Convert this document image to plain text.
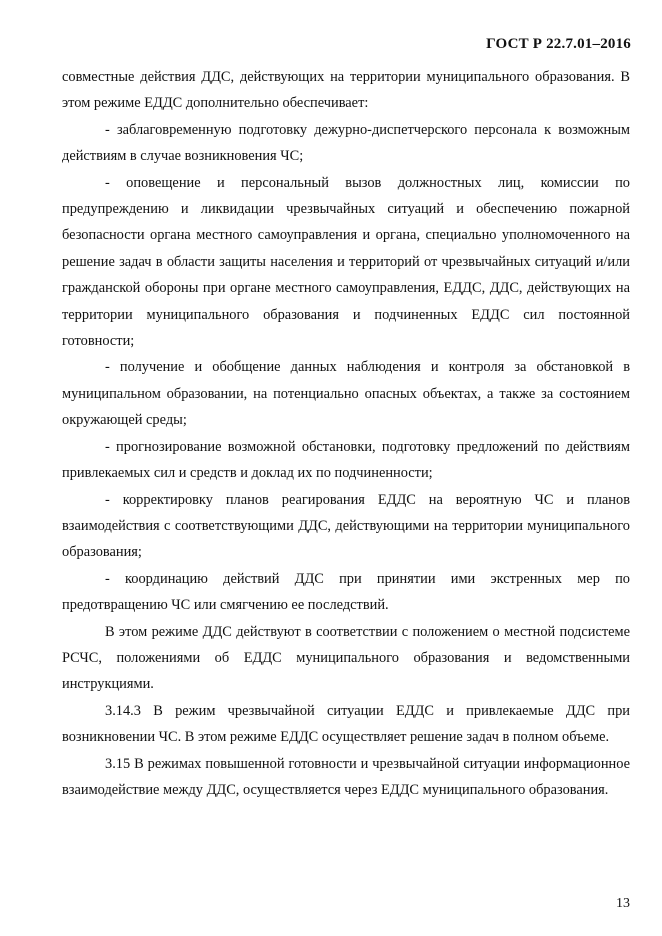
ГОСТ Р 22.7.01–2016

совместные действия ДДС, действующих на территории муниципального образования. В этом режиме ЕДДС дополнительно обеспечивает:

- заблаговременную подготовку дежурно-диспетчерского персонала к возможным действиям в случае возникновения ЧС;

- оповещение и персональный вызов должностных лиц, комиссии по предупреждению и ликвидации чрезвычайных ситуаций и обеспечению пожарной безопасности органа местного самоуправления и органа, специально уполномоченного на решение задач в области защиты населения и территорий от чрезвычайных ситуаций и/или гражданской обороны при органе местного самоуправления, ЕДДС, ДДС, действующих на территории муниципального образования и подчиненных ЕДДС сил постоянной готовности;

- получение и обобщение данных наблюдения и контроля за обстановкой в муниципальном образовании, на потенциально опасных объектах, а также за состоянием окружающей среды;

- прогнозирование возможной обстановки, подготовку предложений по действиям привлекаемых сил и средств и доклад их по подчиненности;

- корректировку планов реагирования ЕДДС на вероятную ЧС и планов взаимодействия с соответствующими ДДС, действующими на территории муниципального образования;

- координацию действий ДДС при принятии ими экстренных мер по предотвращению ЧС или смягчению ее последствий.

В этом режиме ДДС действуют в соответствии с положением о местной подсистеме РСЧС, положениями об ЕДДС муниципального образования и ведомственными инструкциями.

3.14.3 В режим чрезвычайной ситуации ЕДДС и привлекаемые ДДС при возникновении ЧС. В этом режиме ЕДДС осуществляет решение задач в полном объеме.

3.15 В режимах повышенной готовности и чрезвычайной ситуации информационное взаимодействие между ДДС, осуществляется через ЕДДС муниципального образования.

13
